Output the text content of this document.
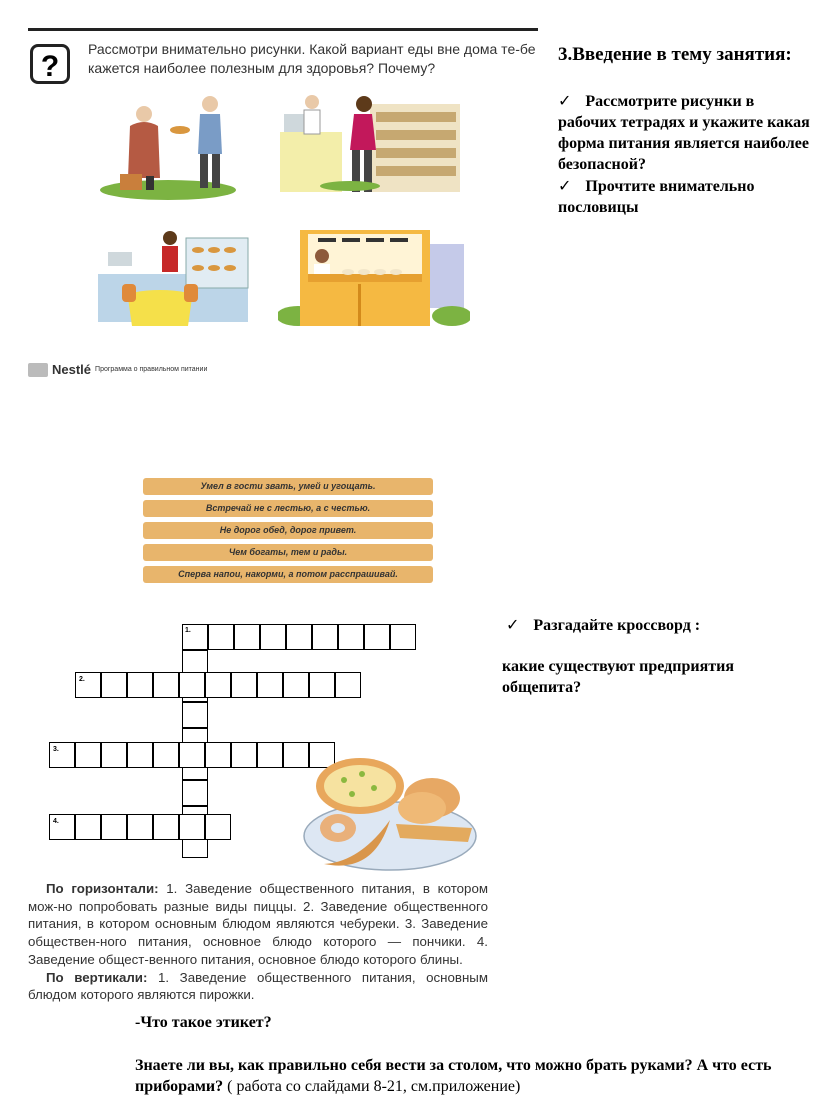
?
Рассмотри внимательно рисунки. Какой вариант еды вне дома те-бе кажется наиболее полезным для здоровья? Почему?
Nestlé Программа о правильном питании
3.Введение в тему занятия:
✓ Рассмотрите рисунки в рабочих тетрадях и укажите какая форма питания является наиболее безопасной?
✓ Прочтите внимательно пословицы
Умел в гости звать, умей и угощать.
Встречай не с лестью, а с честью.
Не дорог обед, дорог привет.
Чем богаты, тем и рады.
Сперва напои, накорми, а потом расспрашивай.
1.
2.
3.
4.
✓ Разгадайте кроссворд :
какие существуют предприятия общепита?

По горизонтали: 1. Заведение общественного питания, в котором мож-но попробовать разные виды пиццы. 2. Заведение общественного питания, в котором основным блюдом являются чебуреки. 3. Заведение обществен-ного питания, основное блюдо которого — пончики. 4. Заведение общест-венного питания, основное блюдо которого блины.

По вертикали: 1. Заведение общественного питания, основным блюдом которого являются пирожки.

-Что такое этикет?
Знаете ли вы, как правильно себя вести за столом, что можно брать руками? А что есть приборами? ( работа со слайдами 8-21, см.приложение)
